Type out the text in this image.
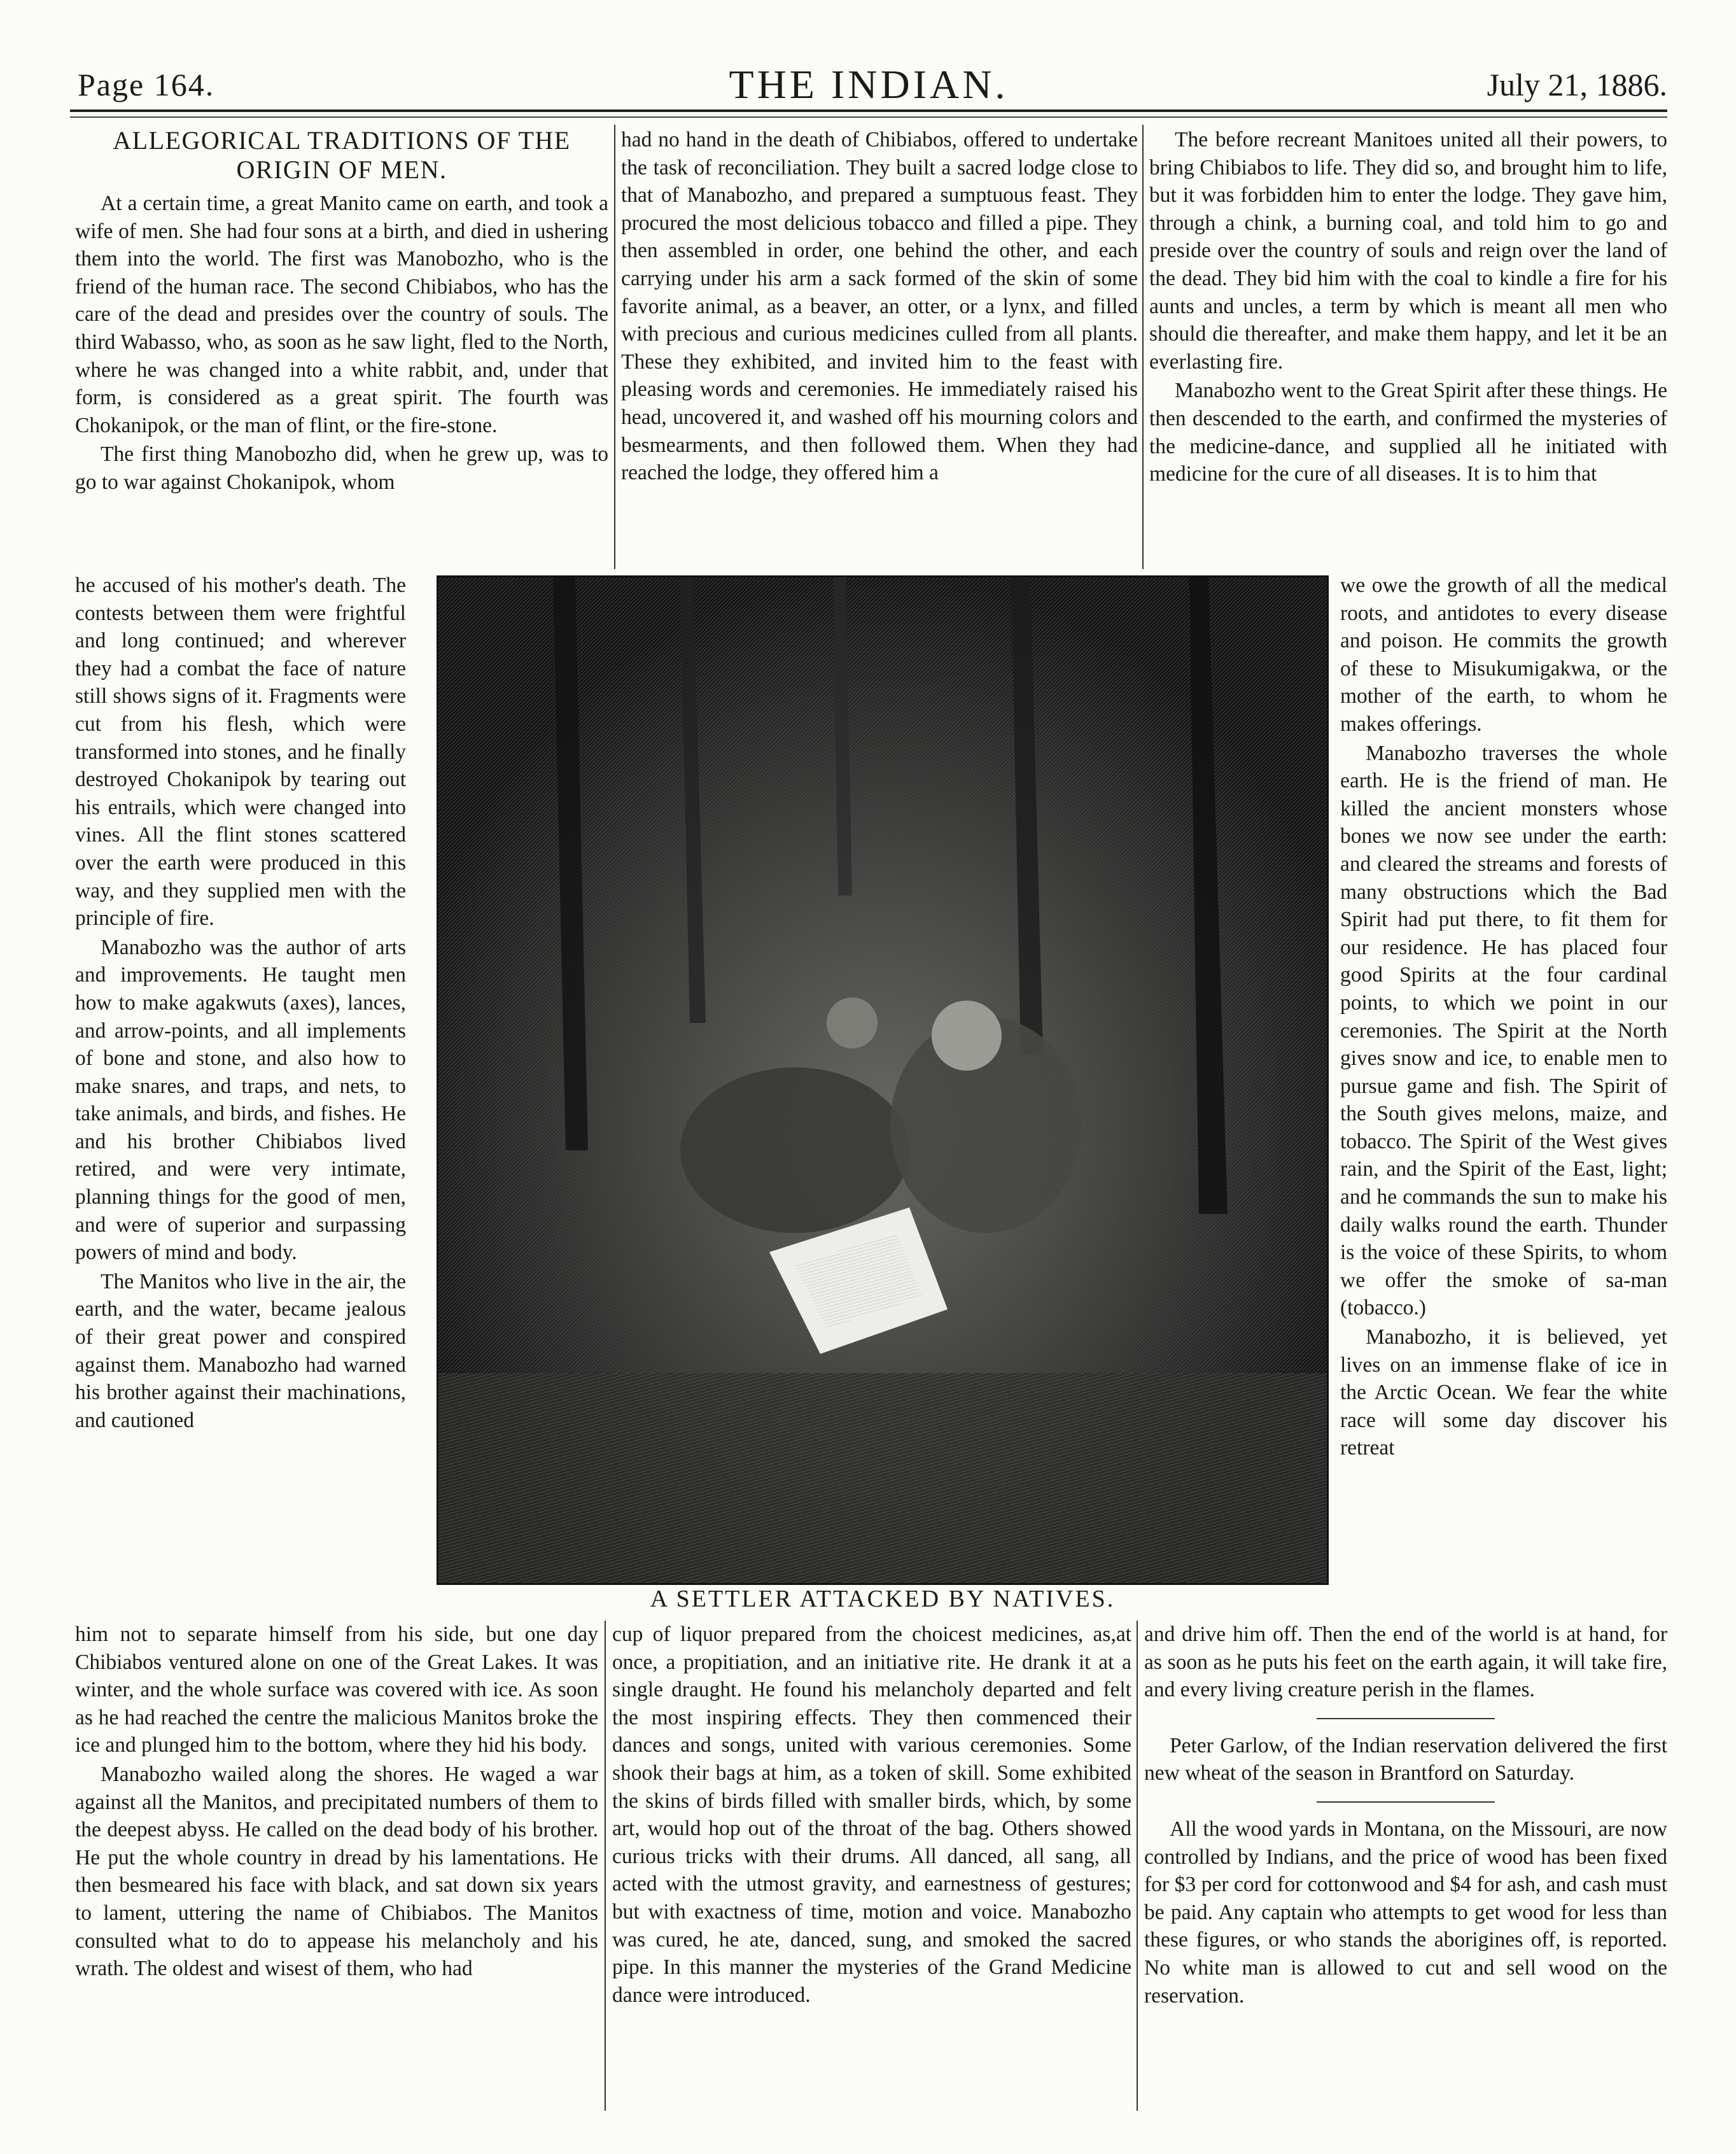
Page 164.	THE INDIAN.	July 21, 1886.
ALLEGORICAL TRADITIONS OF THE ORIGIN OF MEN.

At a certain time, a great Manito came on earth, and took a wife of men. She had four sons at a birth, and died in ushering them into the world. The first was Manobozho, who is the friend of the human race. The second Chibiabos, who has the care of the dead and presides over the country of souls. The third Wabasso, who, as soon as he saw light, fled to the North, where he was changed into a white rabbit, and, under that form, is considered as a great spirit. The fourth was Chokanipok, or the man of flint, or the fire-stone.

The first thing Manobozho did, when he grew up, was to go to war against Chokanipok, whom

he accused of his mother's death. The contests between them were frightful and long continued; and wherever they had a combat the face of nature still shows signs of it. Fragments were cut from his flesh, which were transformed into stones, and he finally destroyed Chokanipok by tearing out his entrails, which were changed into vines. All the flint stones scattered over the earth were produced in this way, and they supplied men with the principle of fire.

Manabozho was the author of arts and improvements. He taught men how to make agakwuts (axes), lances, and arrow-points, and all implements of bone and stone, and also how to make snares, and traps, and nets, to take animals, and birds, and fishes. He and his brother Chibiabos lived retired, and were very intimate, planning things for the good of men, and were of superior and surpassing powers of mind and body.

The Manitos who live in the air, the earth, and the water, became jealous of their great power and conspired against them. Manabozho had warned his brother against their machinations, and cautioned

him not to separate himself from his side, but one day Chibiabos ventured alone on one of the Great Lakes. It was winter, and the whole surface was covered with ice. As soon as he had reached the centre the malicious Manitos broke the ice and plunged him to the bottom, where they hid his body.

Manabozho wailed along the shores. He waged a war against all the Manitos, and precipitated numbers of them to the deepest abyss. He called on the dead body of his brother. He put the whole country in dread by his lamentations. He then besmeared his face with black, and sat down six years to lament, uttering the name of Chibiabos. The Manitos consulted what to do to appease his melancholy and his wrath. The oldest and wisest of them, who had

had no hand in the death of Chibiabos, offered to undertake the task of reconciliation. They built a sacred lodge close to that of Manabozho, and prepared a sumptuous feast. They procured the most delicious tobacco and filled a pipe. They then assembled in order, one behind the other, and each carrying under his arm a sack formed of the skin of some favorite animal, as a beaver, an otter, or a lynx, and filled with precious and curious medicines culled from all plants. These they exhibited, and invited him to the feast with pleasing words and ceremonies. He immediately raised his head, uncovered it, and washed off his mourning colors and besmearments, and then followed them. When they had reached the lodge, they offered him a

cup of liquor prepared from the choicest medicines, as,at once, a propitiation, and an initiative rite. He drank it at a single draught. He found his melancholy departed and felt the most inspiring effects. They then commenced their dances and songs, united with various ceremonies. Some shook their bags at him, as a token of skill. Some exhibited the skins of birds filled with smaller birds, which, by some art, would hop out of the throat of the bag. Others showed curious tricks with their drums. All danced, all sang, all acted with the utmost gravity, and earnestness of gestures; but with exactness of time, motion and voice. Manabozho was cured, he ate, danced, sung, and smoked the sacred pipe. In this manner the mysteries of the Grand Medicine dance were introduced.

The before recreant Manitoes united all their powers, to bring Chibiabos to life. They did so, and brought him to life, but it was forbidden him to enter the lodge. They gave him, through a chink, a burning coal, and told him to go and preside over the country of souls and reign over the land of the dead. They bid him with the coal to kindle a fire for his aunts and uncles, a term by which is meant all men who should die thereafter, and make them happy, and let it be an everlasting fire.

Manabozho went to the Great Spirit after these things. He then descended to the earth, and confirmed the mysteries of the medicine-dance, and supplied all he initiated with medicine for the cure of all diseases. It is to him that

we owe the growth of all the medical roots, and antidotes to every disease and poison. He commits the growth of these to Misukumigakwa, or the mother of the earth, to whom he makes offerings.

Manabozho traverses the whole earth. He is the friend of man. He killed the ancient monsters whose bones we now see under the earth: and cleared the streams and forests of many obstructions which the Bad Spirit had put there, to fit them for our residence. He has placed four good Spirits at the four cardinal points, to which we point in our ceremonies. The Spirit at the North gives snow and ice, to enable men to pursue game and fish. The Spirit of the South gives melons, maize, and tobacco. The Spirit of the West gives rain, and the Spirit of the East, light; and he commands the sun to make his daily walks round the earth. Thunder is the voice of these Spirits, to whom we offer the smoke of sa-man (tobacco.)

Manabozho, it is believed, yet lives on an immense flake of ice in the Arctic Ocean. We fear the white race will some day discover his retreat

and drive him off. Then the end of the world is at hand, for as soon as he puts his feet on the earth again, it will take fire, and every living creature perish in the flames.

Peter Garlow, of the Indian reservation delivered the first new wheat of the season in Brantford on Saturday.

All the wood yards in Montana, on the Missouri, are now controlled by Indians, and the price of wood has been fixed for $3 per cord for cottonwood and $4 for ash, and cash must be paid. Any captain who attempts to get wood for less than these figures, or who stands the aborigines off, is reported. No white man is allowed to cut and sell wood on the reservation.

A SETTLER ATTACKED BY NATIVES.
